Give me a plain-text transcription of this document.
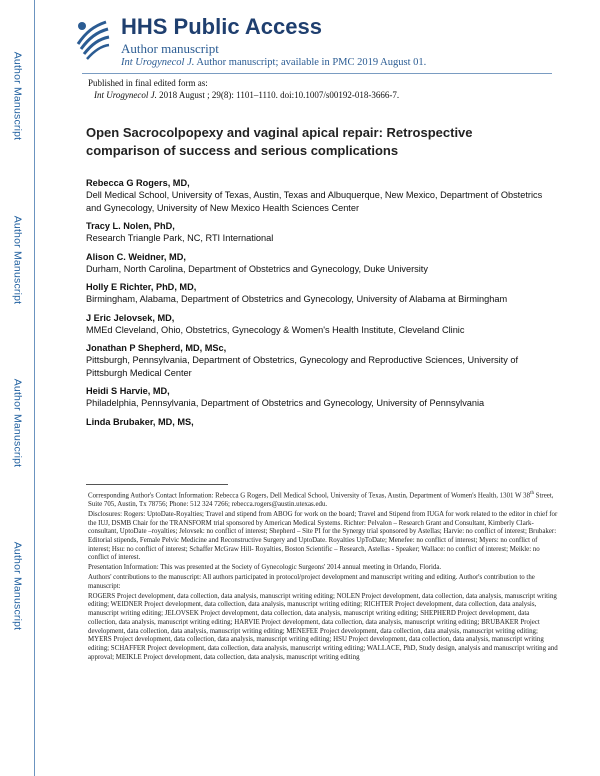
Author Manuscript
Author Manuscript
Author Manuscript
Author Manuscript
HHS Public Access
Author manuscript
Int Urogynecol J. Author manuscript; available in PMC 2019 August 01.
Published in final edited form as:
Int Urogynecol J. 2018 August ; 29(8): 1101–1110. doi:10.1007/s00192-018-3666-7.
Open Sacrocolpopexy and vaginal apical repair: Retrospective comparison of success and serious complications
Rebecca G Rogers, MD,
Dell Medical School, University of Texas, Austin, Texas and Albuquerque, New Mexico, Department of Obstetrics and Gynecology, University of New Mexico Health Sciences Center
Tracy L. Nolen, PhD,
Research Triangle Park, NC, RTI International
Alison C. Weidner, MD,
Durham, North Carolina, Department of Obstetrics and Gynecology, Duke University
Holly E Richter, PhD, MD,
Birmingham, Alabama, Department of Obstetrics and Gynecology, University of Alabama at Birmingham
J Eric Jelovsek, MD,
MMEd Cleveland, Ohio, Obstetrics, Gynecology & Women's Health Institute, Cleveland Clinic
Jonathan P Shepherd, MD, MSc,
Pittsburgh, Pennsylvania, Department of Obstetrics, Gynecology and Reproductive Sciences, University of Pittsburgh Medical Center
Heidi S Harvie, MD,
Philadelphia, Pennsylvania, Department of Obstetrics and Gynecology, University of Pennsylvania
Linda Brubaker, MD, MS,

Corresponding Author's Contact Information: Rebecca G Rogers, Dell Medical School, University of Texas, Austin, Department of Women's Health, 1301 W 38th Street, Suite 705, Austin, Tx 78756; Phone: 512 324 7266; rebecca.rogers@austin.utexas.edu.

Disclosures: Rogers: UptoDate-Royalties; Travel and stipend from ABOG for work on the board; Travel and Stipend from IUGA for work related to the editor in chief for the IUJ, DSMB Chair for the TRANSFORM trial sponsored by American Medical Systems. Richter: Pelvalon – Research Grant and Consultant, Kimberly Clark- consultant, UptoDate –royalties; Jelovsek: no conflict of interest; Shepherd – Site PI for the Synergy trial sponsored by Astellas; Harvie: no conflict of interest; Brubaker: Editorial stipends, Female Pelvic Medicine and Reconstructive Surgery and UptoDate. Royalties UpToDate; Menefee: no conflict of interest; Myers: no conflict of interest; Hsu: no conflict of interest; Schaffer McGraw Hill- Royalties, Boston Scientific – Research, Astellas - Speaker; Wallace: no conflict of interest; Meikle: no conflict of interest.

Presentation Information: This was presented at the Society of Gynecologic Surgeons' 2014 annual meeting in Orlando, Florida.

Authors' contributions to the manuscript: All authors participated in protocol/project development and manuscript writing and editing. Author's contribution to the manuscript:

ROGERS Project development, data collection, data analysis, manuscript writing editing; NOLEN Project development, data collection, data analysis, manuscript writing editing; WEIDNER Project development, data collection, data analysis, manuscript writing editing; RICHTER Project development, data collection, data analysis, manuscript writing editing; JELOVSEK Project development, data collection, data analysis, manuscript writing editing; SHEPHERD Project development, data collection, data analysis, manuscript writing editing; HARVIE Project development, data collection, data analysis, manuscript writing editing; BRUBAKER Project development, data collection, data analysis, manuscript writing editing; MENEFEE Project development, data collection, data analysis, manuscript writing editing; MYERS Project development, data collection, data analysis, manuscript writing editing; HSU Project development, data collection, data analysis, manuscript writing editing; SCHAFFER Project development, data collection, data analysis, manuscript writing editing; WALLACE, PhD, Study design, analysis and manuscript writing and approval; MEIKLE Project development, data collection, data analysis, manuscript writing editing
